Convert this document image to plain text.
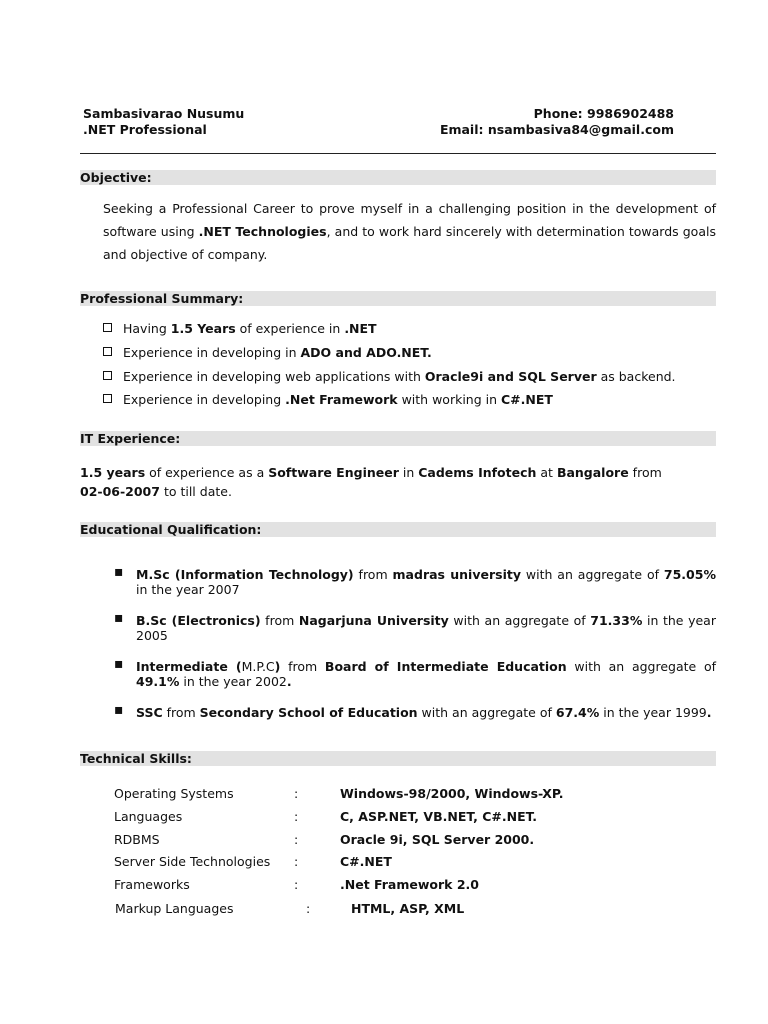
Sambasivarao Nusumu
.NET Professional
Phone: 9986902488
Email: nsambasiva84@gmail.com
Objective:
Seeking a Professional Career to prove myself in a challenging position in the development of software using .NET Technologies, and to work hard sincerely with determination towards goals and objective of company.
Professional Summary:
Having 1.5 Years of experience in .NET
Experience in developing in ADO and ADO.NET.
Experience in developing web applications with Oracle9i and SQL Server as backend.
Experience in developing .Net Framework with working in C#.NET
IT Experience:
1.5 years of experience as a Software Engineer in Cadems Infotech at Bangalore from
02-06-2007 to till date.
Educational Qualification:
▪ M.Sc (Information Technology) from madras university with an aggregate of 75.05% in the year 2007
▪ B.Sc (Electronics) from Nagarjuna University with an aggregate of 71.33% in the year 2005
▪ Intermediate (M.P.C) from Board of Intermediate Education with an aggregate of 49.1% in the year 2002.
▪ SSC from Secondary School of Education with an aggregate of 67.4% in the year 1999.
Technical Skills:
Operating Systems	:	Windows-98/2000, Windows-XP.
Languages	:	C, ASP.NET, VB.NET, C#.NET.
RDBMS	:	Oracle 9i, SQL Server 2000.
Server Side Technologies :	C#.NET
Frameworks	:	.Net Framework 2.0
Markup Languages	:	HTML, ASP, XML
